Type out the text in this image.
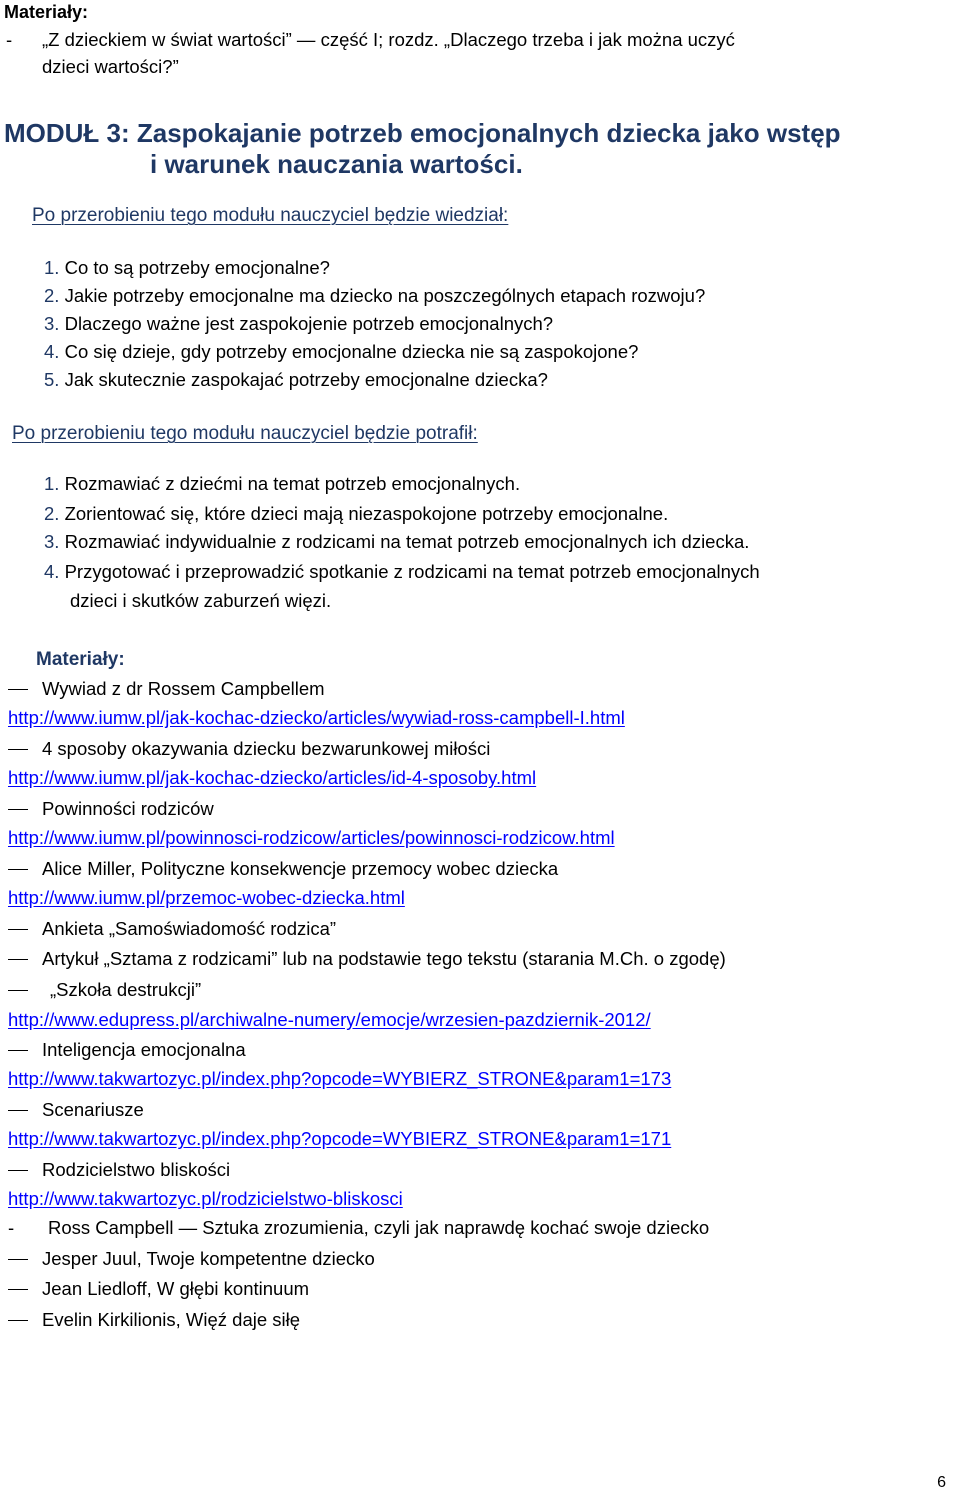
Materiały:
- „Z dzieckiem w świat wartości” — część I; rozdz. „Dlaczego trzeba i jak można uczyć
dzieci wartości?”
MODUŁ 3: Zaspokajanie potrzeb emocjonalnych dziecka jako wstęp
i warunek nauczania wartości.
Po przerobieniu tego modułu nauczyciel będzie wiedział:
1. Co to są potrzeby emocjonalne?
2. Jakie potrzeby emocjonalne ma dziecko na poszczególnych etapach rozwoju?
3. Dlaczego ważne jest zaspokojenie potrzeb emocjonalnych?
4. Co się dzieje, gdy potrzeby emocjonalne dziecka nie są zaspokojone?
5. Jak skutecznie zaspokajać potrzeby emocjonalne dziecka?
Po przerobieniu tego modułu nauczyciel będzie potrafił:
1. Rozmawiać z dziećmi na temat potrzeb emocjonalnych.
2. Zorientować się, które dzieci mają niezaspokojone potrzeby emocjonalne.
3. Rozmawiać indywidualnie z rodzicami na temat potrzeb emocjonalnych ich dziecka.
4. Przygotować i przeprowadzić spotkanie z rodzicami na temat potrzeb emocjonalnych
dzieci i skutków zaburzeń więzi.
Materiały:
Wywiad z dr Rossem Campbellem
http://www.iumw.pl/jak-kochac-dziecko/articles/wywiad-ross-campbell-I.html
4 sposoby okazywania dziecku bezwarunkowej miłości
http://www.iumw.pl/jak-kochac-dziecko/articles/id-4-sposoby.html
Powinności rodziców
http://www.iumw.pl/powinnosci-rodzicow/articles/powinnosci-rodzicow.html
Alice Miller, Polityczne konsekwencje przemocy wobec dziecka
http://www.iumw.pl/przemoc-wobec-dziecka.html
Ankieta „Samoświadomość rodzica”
Artykuł „Sztama z rodzicami” lub na podstawie tego tekstu (starania M.Ch. o zgodę)
„Szkoła destrukcji”
http://www.edupress.pl/archiwalne-numery/emocje/wrzesien-pazdziernik-2012/
Inteligencja emocjonalna
http://www.takwartozyc.pl/index.php?opcode=WYBIERZ_STRONE&param1=173
Scenariusze
http://www.takwartozyc.pl/index.php?opcode=WYBIERZ_STRONE&param1=171
Rodzicielstwo bliskości
http://www.takwartozyc.pl/rodzicielstwo-bliskosci
- Ross Campbell — Sztuka zrozumienia, czyli jak naprawdę kochać swoje dziecko
Jesper Juul, Twoje kompetentne dziecko
Jean Liedloff, W głębi kontinuum
Evelin Kirkilionis, Więź daje siłę
6
